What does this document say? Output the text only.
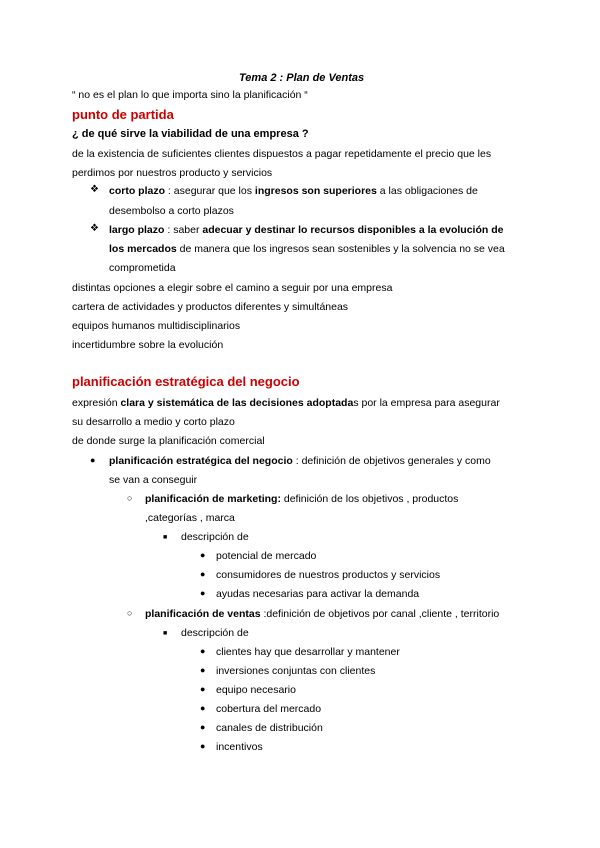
Tema 2 : Plan de Ventas
“ no es el plan lo que importa sino la planificación “
punto de partida
¿ de qué sirve la viabilidad de una empresa ?
de la existencia de suficientes clientes dispuestos a pagar repetidamente el precio que les
perdimos por nuestros producto y servicios
❖ corto plazo : asegurar que los ingresos son superiores a las obligaciones de
desembolso a corto plazos
❖ largo plazo : saber adecuar y destinar lo recursos disponibles a la evolución de
los mercados de manera que los ingresos sean sostenibles y la solvencia no se vea
comprometida
distintas opciones a elegir sobre el camino a seguir por una empresa
cartera de actividades y productos diferentes y simultáneas
equipos humanos multidisciplinarios
incertidumbre sobre la evolución
planificación estratégica del negocio
expresión clara y sistemática de las decisiones adoptadas por la empresa para asegurar
su desarrollo a medio y corto plazo
de donde surge la planificación comercial
● planificación estratégica del negocio : definición de objetivos generales y como
se van a conseguir
○ planificación de marketing: definición de los objetivos , productos
,categorías , marca
■ descripción de
● potencial de mercado
● consumidores de nuestros productos y servicios
● ayudas necesarias para activar la demanda
○ planificación de ventas :definición de objetivos por canal ,cliente , territorio
■ descripción de
● clientes hay que desarrollar y mantener
● inversiones conjuntas con clientes
● equipo necesario
● cobertura del mercado
● canales de distribución
● incentivos
